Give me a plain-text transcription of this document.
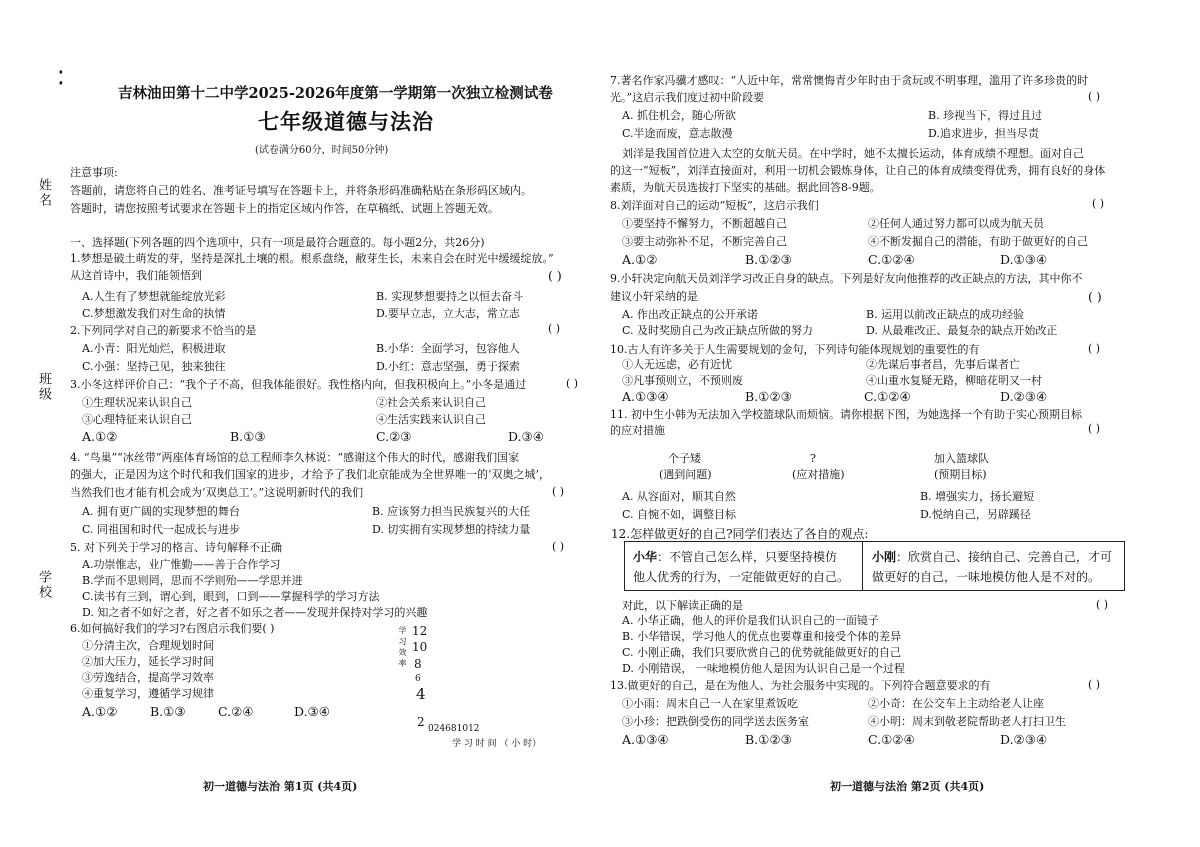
⁚
吉林油田第十二中学2025-2026年度第一学期第一次独立检测试卷
七年级道德与法治
(试卷满分60分，时间50分钟)
姓名
班级
学校
注意事项:
答题前，请您将自己的姓名、准考证号填写在答题卡上，并将条形码准确粘贴在条形码区域内。
答题时，请您按照考试要求在答题卡上的指定区域内作答，在草稿纸、试题上答题无效。
一、选择题(下列各题的四个选项中，只有一项是最符合题意的。每小题2分，共26分)
1.梦想是破土萌发的芽，坚持是深扎土壤的根。根系盘绕，敝芽生长，未来自会在时光中缓缓绽放。”
从这首诗中，我们能领悟到	( )
A.人生有了梦想就能绽放光彩	B. 实现梦想要持之以恒去奋斗
C.梦想激发我们对生命的执情	D.要早立志，立大志，常立志
2.下列同学对自己的新要求不恰当的是	( )
A.小青：阳光灿烂，积极进取	B.小华：全面学习，包容他人
C.小强：坚持己见，独来独往	D.小红：意志坚强，勇于探索
3.小冬这样评价自己：“我个子不高，但我体能很好。我性格内向，但我积极向上。”小冬是通过	( )
①生理状况来认识自己	②社会关系来认识自己
③心理特征来认识自己	④生活实践来认识自己
A.①②	B.①③	C.②③	D.③④
4. “鸟巢”“冰丝带”两座体育场馆的总工程师李久林说：“感谢这个伟大的时代，感谢我们国家
的强大，正是因为这个时代和我们国家的进步，才给予了我们北京能成为全世界唯一的‘双奥之城’，
当然我们也才能有机会成为‘双奥总工’。”这说明新时代的我们	( )
A. 拥有更广阔的实现梦想的舞台	B. 应该努力担当民族复兴的大任
C. 同祖国和时代一起成长与进步	D. 切实拥有实现梦想的持续力量
5. 对下列关于学习的格言、诗句解释不正确	( )
A.功崇惟志，业广惟勤——善于合作学习
B.学而不思则罔，思而不学则殆——学思并进
C.读书有三到，谓心到，眼到，口到——掌握科学的学习方法
D. 知之者不如好之者，好之者不如乐之者——发现并保持对学习的兴趣
6.如何搞好我们的学习?右图启示我们要( )
①分清主次，合理规划时间
②加大压力，延长学习时间
③劳逸结合，提高学习效率
④重复学习，遵循学习规律
A.①②	B.①③	C.②④	D.③④
学习效率 12
10
8
6
4
2 024681012
学 习 时 间 （ 小 时）
初一道德与法治 第1页 (共4页)
7.著名作家冯骥才感叹：“人近中年，常常懊悔青少年时由于贪玩或不明事理，滥用了许多珍贵的时
光。”这启示我们度过初中阶段要	( )
A. 抓住机会，随心所欲	B. 珍视当下，得过且过
C.半途而废，意志散漫	D.追求进步，担当尽责
刘洋是我国首位进入太空的女航天员。在中学时，她不太擅长运动，体育成绩不理想。面对自己
的这一“短板”，刘洋直接面对，利用一切机会锻炼身体，让自己的体育成绩变得优秀，拥有良好的身体
素质，为航天员选拔打下坚实的基础。据此回答8-9题。
8.刘洋面对自己的运动“短板”，这启示我们	( )
①要坚持不懈努力，不断超越自己	②任何人通过努力都可以成为航天员
③要主动弥补不足，不断完善自己	④不断发掘自己的潜能，有助于做更好的自己
A.①②	B.①②③	C.①②④	D.①③④
9.小轩决定向航天员刘洋学习改正自身的缺点。下列是好友向他推荐的改正缺点的方法，其中你不
建议小轩采纳的是	( )
A. 作出改正缺点的公开承诺	B. 运用以前改正缺点的成功经验
C. 及时奖励自己为改正缺点所做的努力	D. 从最难改正、最复杂的缺点开始改正
10.古人有许多关于人生需要规划的金句，下列诗句能体现规划的重要性的有	( )
①人无远虑，必有近忧	②先谋后事者昌，先事后谋者亡
③凡事预则立，不预则废	④山重水复疑无路，柳暗花明又一村
A.①③④	B.①②③	C.①②④	D.②③④
11. 初中生小韩为无法加入学校篮球队而烦恼。请你根据下图，为她选择一个有助于实心预期目标
的应对措施	( )
个子矮
(遇到问题)
?
(应对措施)
加入篮球队
(预期目标)
A. 从容面对，顺其自然	B. 增强实力，扬长避短
C. 自惋不如，调整目标	D.悦纳自己，另辟蹊径
12.怎样做更好的自己?同学们表达了各自的观点:
小华：不管自己怎么样，只要坚持模仿
他人优秀的行为，一定能做更好的自己。
小刚：欣赏自己、接纳自己、完善自己，才可
做更好的自己，一味地模仿他人是不对的。
对此，以下解读正确的是	( )
A. 小华正确，他人的评价是我们认识自己的一面镜子
B. 小华错误，学习他人的优点也要尊重和接受个体的差异
C. 小刚正确，我们只要欣赏自己的优势就能做更好的自己
D. 小刚错误， 一味地模仿他人是因为认识自己是一个过程
13.做更好的自己，是在为他人、为社会服务中实现的。下列符合题意要求的有	( )
①小雨：周末自己一人在家里煮饭吃	②小奇：在公交车上主动给老人让座
③小珍：把跌倒受伤的同学送去医务室	④小明：周末到敬老院帮助老人打扫卫生
A.①③④	B.①②③	C.①②④	D.②③④
初一道德与法治 第2页 (共4页)
